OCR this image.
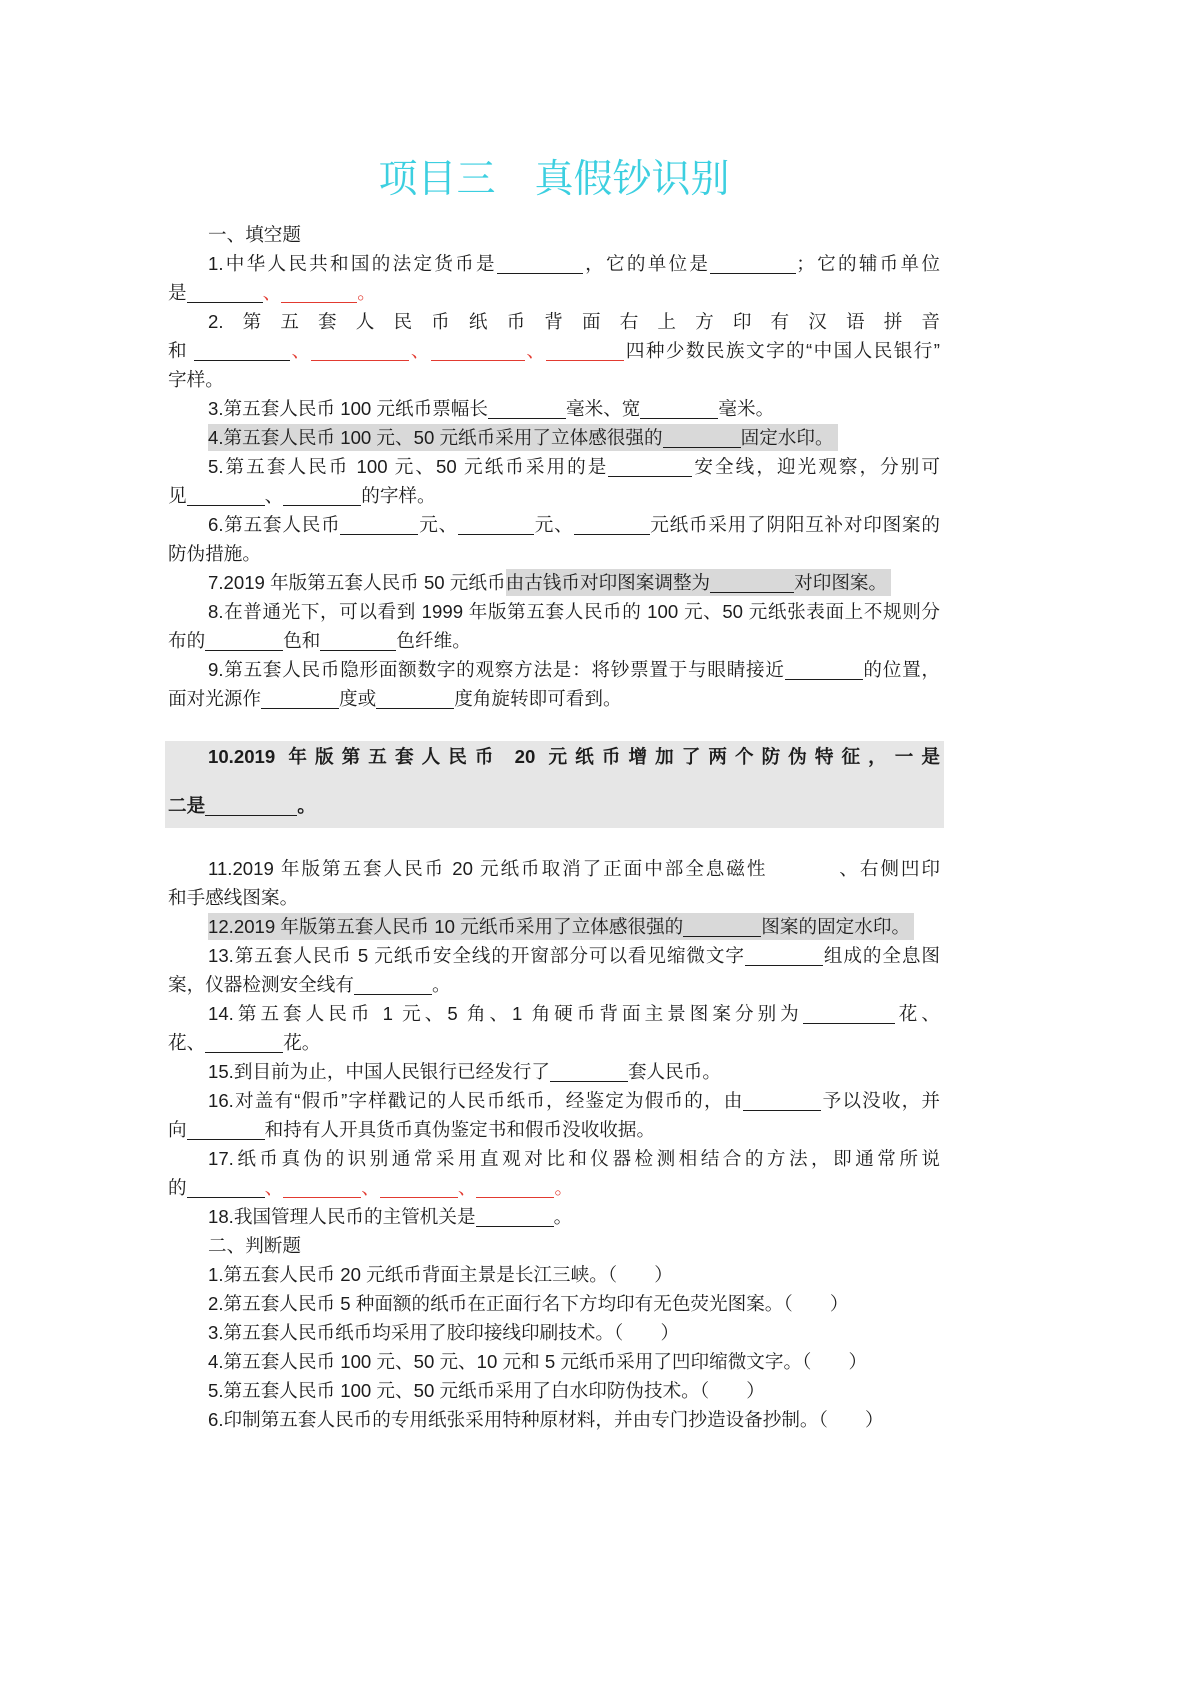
项目三　真假钞识别
一、填空题
1.中华人民共和国的法定货币是	，它的单位是	；它的辅币单位
是	、	。
2.第五套人民币纸币背面右上方印有汉语拼音
和	、	、	、	四种少数民族文字的“中国人民银行”
字样。
3.第五套人民币 100 元纸币票幅长	毫米、宽	毫米。
4.第五套人民币 100 元、50 元纸币采用了立体感很强的	固定水印。
5.第五套人民币 100 元、50 元纸币采用的是	安全线，迎光观察，分别可
见	、	的字样。
6.第五套人民币	元、	元、	元纸币采用了阴阳互补对印图案的
防伪措施。
7.2019 年版第五套人民币 50 元纸币由古钱币对印图案调整为	对印图案。
8.在普通光下，可以看到 1999 年版第五套人民币的 100 元、50 元纸张表面上不规则分
布的	色和	色纤维。
9.第五套人民币隐形面额数字的观察方法是：将钞票置于与眼睛接近	的位置，
面对光源作	度或	度角旋转即可看到。
10.2019 年版第五套人民币 20 元纸币增加了两个防伪特征，一是
二是	。
11.2019 年版第五套人民币 20 元纸币取消了正面中部全息磁性	、右侧凹印
和手感线图案。
12.2019 年版第五套人民币 10 元纸币采用了立体感很强的	图案的固定水印。
13.第五套人民币 5 元纸币安全线的开窗部分可以看见缩微文字	组成的全息图
案，仪器检测安全线有	。
14.第五套人民币 1 元、5 角、1 角硬币背面主景图案分别为	花、
花、	花。
15.到目前为止，中国人民银行已经发行了	套人民币。
16.对盖有“假币”字样戳记的人民币纸币，经鉴定为假币的，由	予以没收，并
向	和持有人开具货币真伪鉴定书和假币没收收据。
17.纸币真伪的识别通常采用直观对比和仪器检测相结合的方法，即通常所说
的	、	、	、	。
18.我国管理人民币的主管机关是	。
二、判断题
1.第五套人民币 20 元纸币背面主景是长江三峡。（　　）
2.第五套人民币 5 种面额的纸币在正面行名下方均印有无色荧光图案。（　　）
3.第五套人民币纸币均采用了胶印接线印刷技术。（　　）
4.第五套人民币 100 元、50 元、10 元和 5 元纸币采用了凹印缩微文字。（　　）
5.第五套人民币 100 元、50 元纸币采用了白水印防伪技术。（　　）
6.印制第五套人民币的专用纸张采用特种原材料，并由专门抄造设备抄制。（　　）
